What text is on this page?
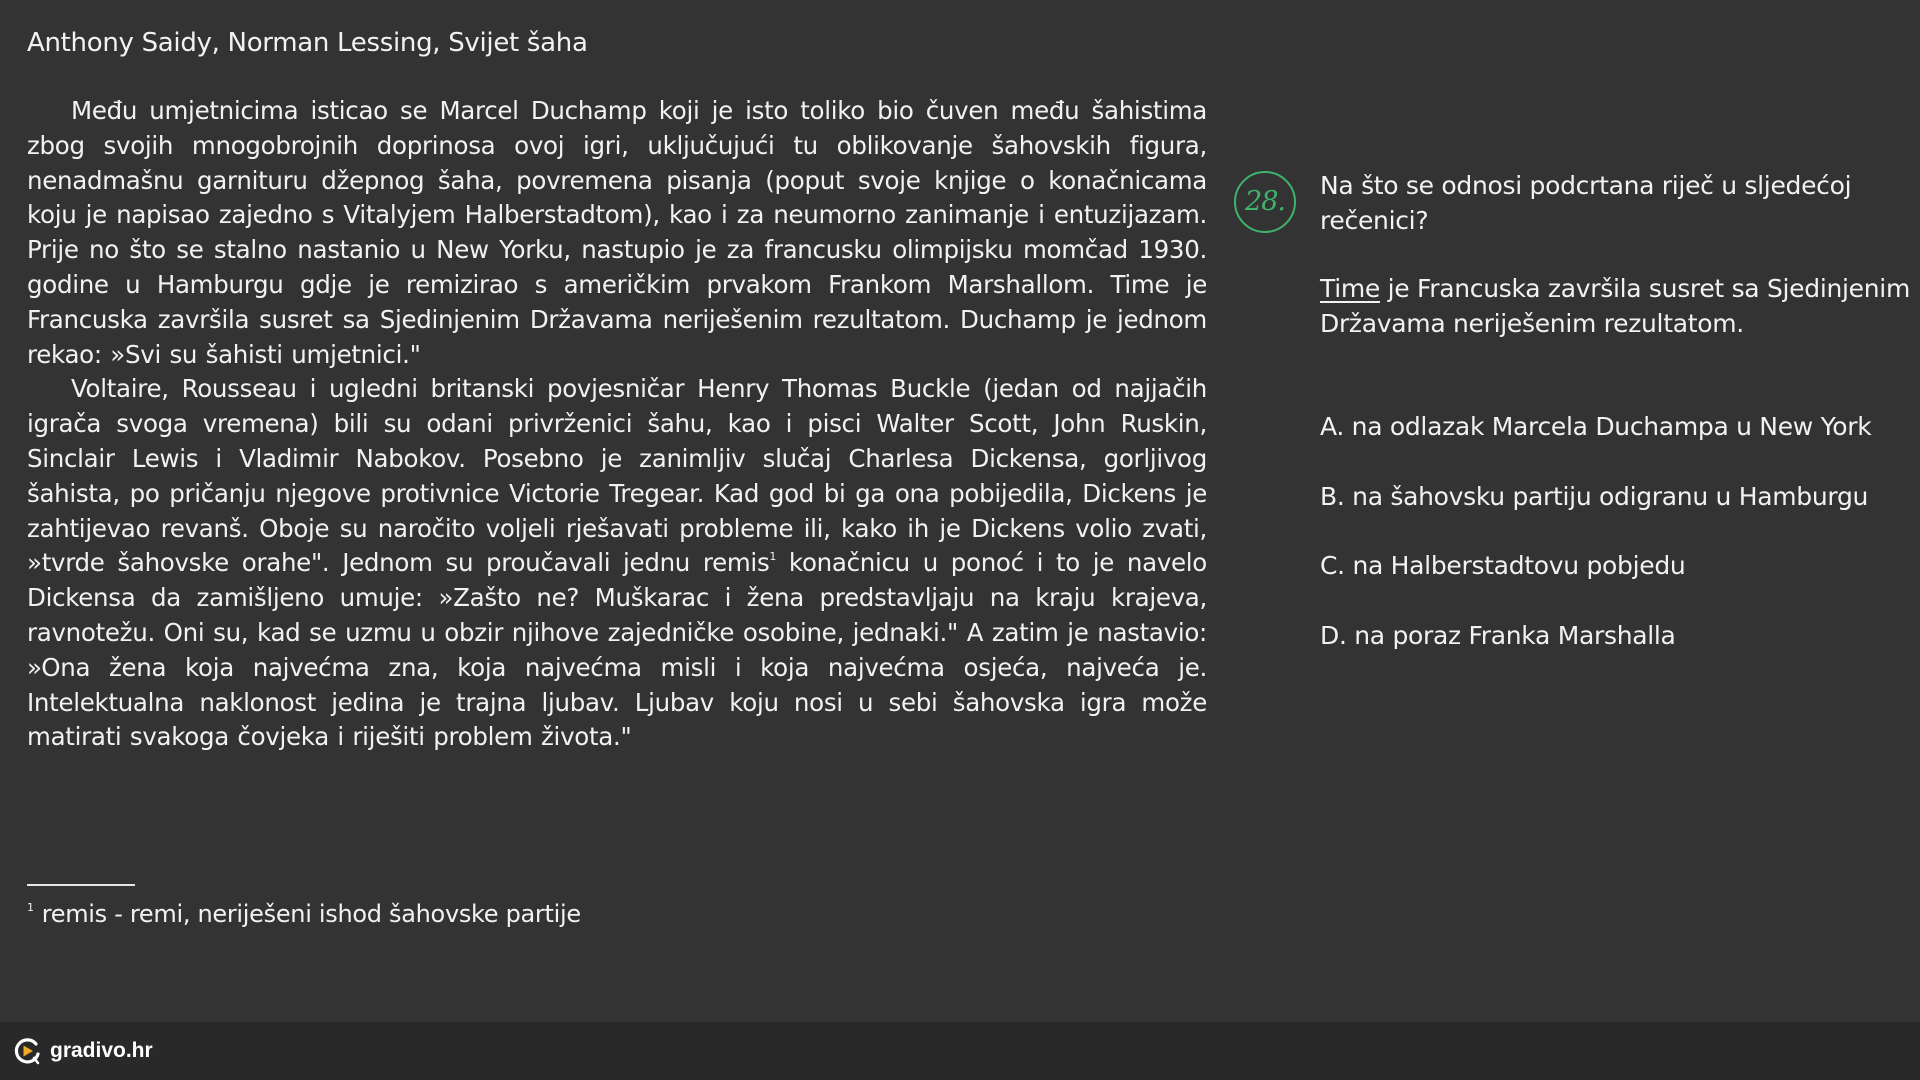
Anthony Saidy, Norman Lessing, Svijet šaha

Među umjetnicima isticao se Marcel Duchamp koji je isto toliko bio čuven među šahistima zbog svojih mnogobrojnih doprinosa ovoj igri, uključujući tu oblikovanje šahovskih figura, nenadmašnu garnituru džepnog šaha, povremena pisanja (poput svoje knjige o konačnicama koju je napisao zajedno s Vitalyjem Halberstadtom), kao i za neumorno zanimanje i entuzijazam. Prije no što se stalno nastanio u New Yorku, nastupio je za francusku olimpijsku momčad 1930. godine u Hamburgu gdje je remizirao s američkim prvakom Frankom Marshallom. Time je Francuska završila susret sa Sjedinjenim Državama neriješenim rezultatom. Duchamp je jednom rekao: »Svi su šahisti umjetnici."

Voltaire, Rousseau i ugledni britanski povjesničar Henry Thomas Buckle (jedan od najjačih igrača svoga vremena) bili su odani privrženici šahu, kao i pisci Walter Scott, John Ruskin, Sinclair Lewis i Vladimir Nabokov. Posebno je zanimljiv slučaj Charlesa Dickensa, gorljivog šahista, po pričanju njegove protivnice Victorie Tregear. Kad god bi ga ona pobijedila, Dickens je zahtijevao revanš. Oboje su naročito voljeli rješavati probleme ili, kako ih je Dickens volio zvati, »tvrde šahovske orahe". Jednom su proučavali jednu remis$^1$ konačnicu u ponoć i to je navelo Dickensa da zamišljeno umuje: »Zašto ne? Muškarac i žena predstavljaju na kraju krajeva, ravnotežu. Oni su, kad se uzmu u obzir njihove zajedničke osobine, jednaki." A zatim je nastavio: »Ona žena koja najvećma zna, koja najvećma misli i koja najvećma osjeća, najveća je. Intelektualna naklonost jedina je trajna ljubav. Ljubav koju nosi u sebi šahovska igra može matirati svakoga čovjeka i riješiti problem života."

$^1$ remis - remi, neriješeni ishod šahovske partije
28.
Na što se odnosi podcrtana riječ u sljedećoj rečenici?
Time je Francuska završila susret sa Sjedinjenim Državama neriješenim rezultatom.
A. na odlazak Marcela Duchampa u New York
B. na šahovsku partiju odigranu u Hamburgu
C. na Halberstadtovu pobjedu
D. na poraz Franka Marshalla
gradivo.hr
